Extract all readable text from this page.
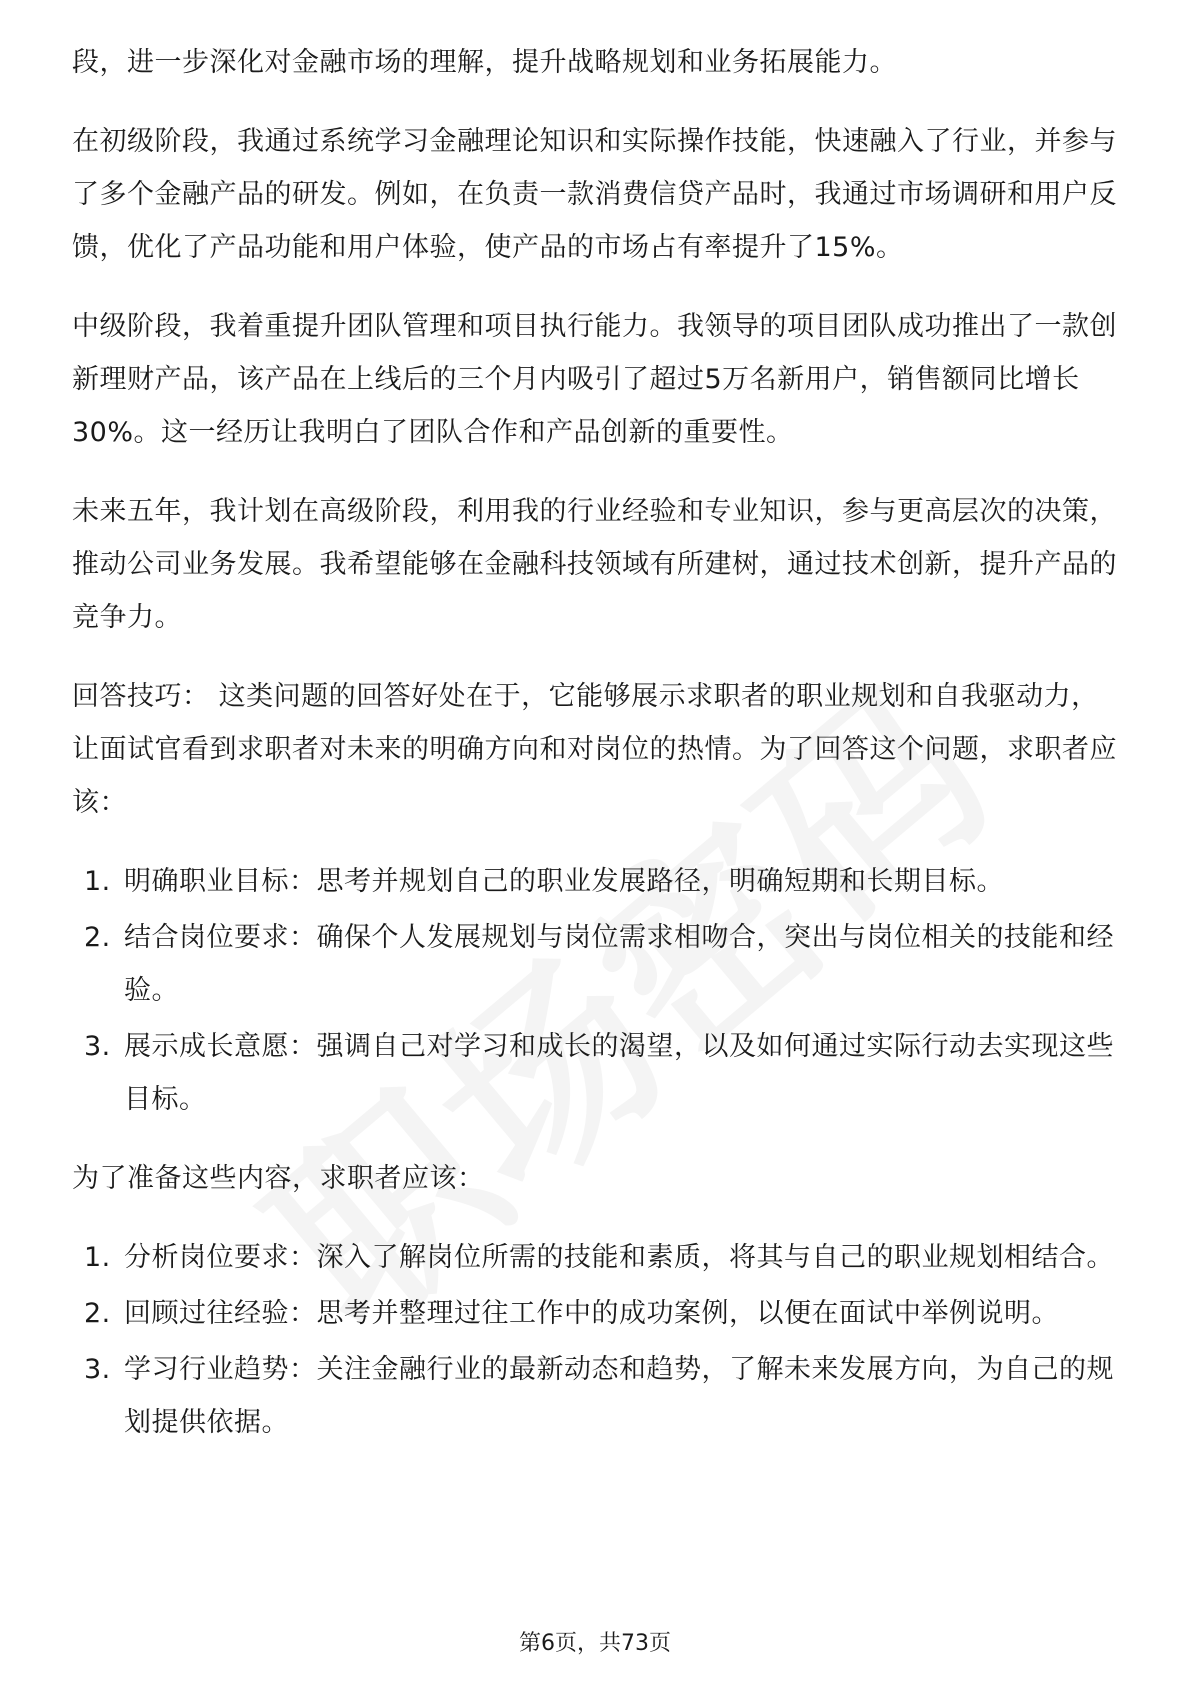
段，进一步深化对金融市场的理解，提升战略规划和业务拓展能力。

在初级阶段，我通过系统学习金融理论知识和实际操作技能，快速融入了行业，并参与了多个金融产品的研发。例如，在负责一款消费信贷产品时，我通过市场调研和用户反馈，优化了产品功能和用户体验，使产品的市场占有率提升了15%。

中级阶段，我着重提升团队管理和项目执行能力。我领导的项目团队成功推出了一款创新理财产品，该产品在上线后的三个月内吸引了超过5万名新用户，销售额同比增长30%。这一经历让我明白了团队合作和产品创新的重要性。

未来五年，我计划在高级阶段，利用我的行业经验和专业知识，参与更高层次的决策，推动公司业务发展。我希望能够在金融科技领域有所建树，通过技术创新，提升产品的竞争力。

回答技巧： 这类问题的回答好处在于，它能够展示求职者的职业规划和自我驱动力，让面试官看到求职者对未来的明确方向和对岗位的热情。为了回答这个问题，求职者应该：

1. 明确职业目标：思考并规划自己的职业发展路径，明确短期和长期目标。
2. 结合岗位要求：确保个人发展规划与岗位需求相吻合，突出与岗位相关的技能和经验。
3. 展示成长意愿：强调自己对学习和成长的渴望，以及如何通过实际行动去实现这些目标。

为了准备这些内容，求职者应该：

1. 分析岗位要求：深入了解岗位所需的技能和素质，将其与自己的职业规划相结合。
2. 回顾过往经验：思考并整理过往工作中的成功案例，以便在面试中举例说明。
3. 学习行业趋势：关注金融行业的最新动态和趋势，了解未来发展方向，为自己的规划提供依据。
第6页，共73页
